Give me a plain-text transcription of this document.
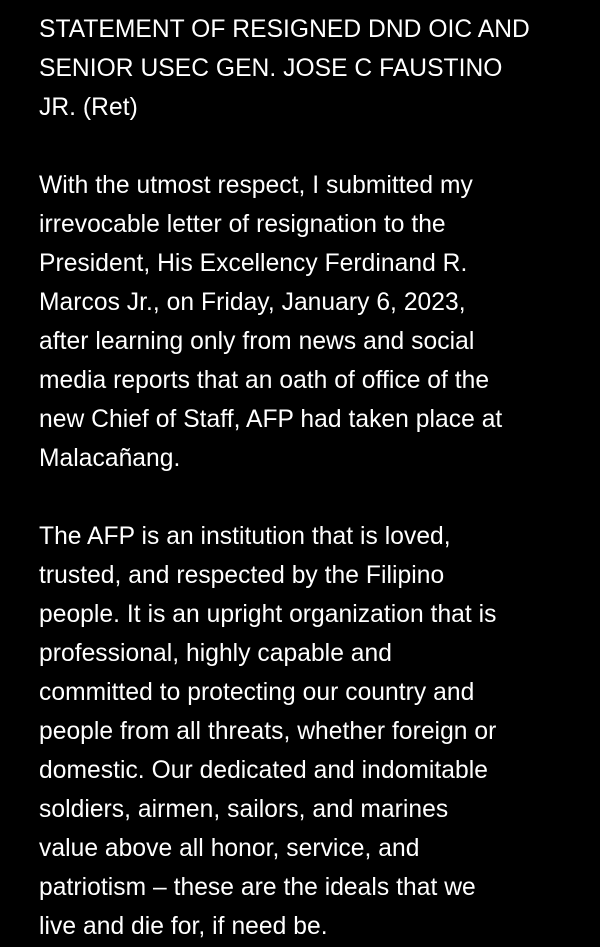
STATEMENT OF RESIGNED DND OIC AND
SENIOR USEC GEN. JOSE C FAUSTINO
JR. (Ret)
With the utmost respect, I submitted my
irrevocable letter of resignation to the
President, His Excellency Ferdinand R.
Marcos Jr., on Friday, January 6, 2023,
after learning only from news and social
media reports that an oath of office of the
new Chief of Staff, AFP had taken place at
Malacañang.
The AFP is an institution that is loved,
trusted, and respected by the Filipino
people. It is an upright organization that is
professional, highly capable and
committed to protecting our country and
people from all threats, whether foreign or
domestic. Our dedicated and indomitable
soldiers, airmen, sailors, and marines
value above all honor, service, and
patriotism – these are the ideals that we
live and die for, if need be.
